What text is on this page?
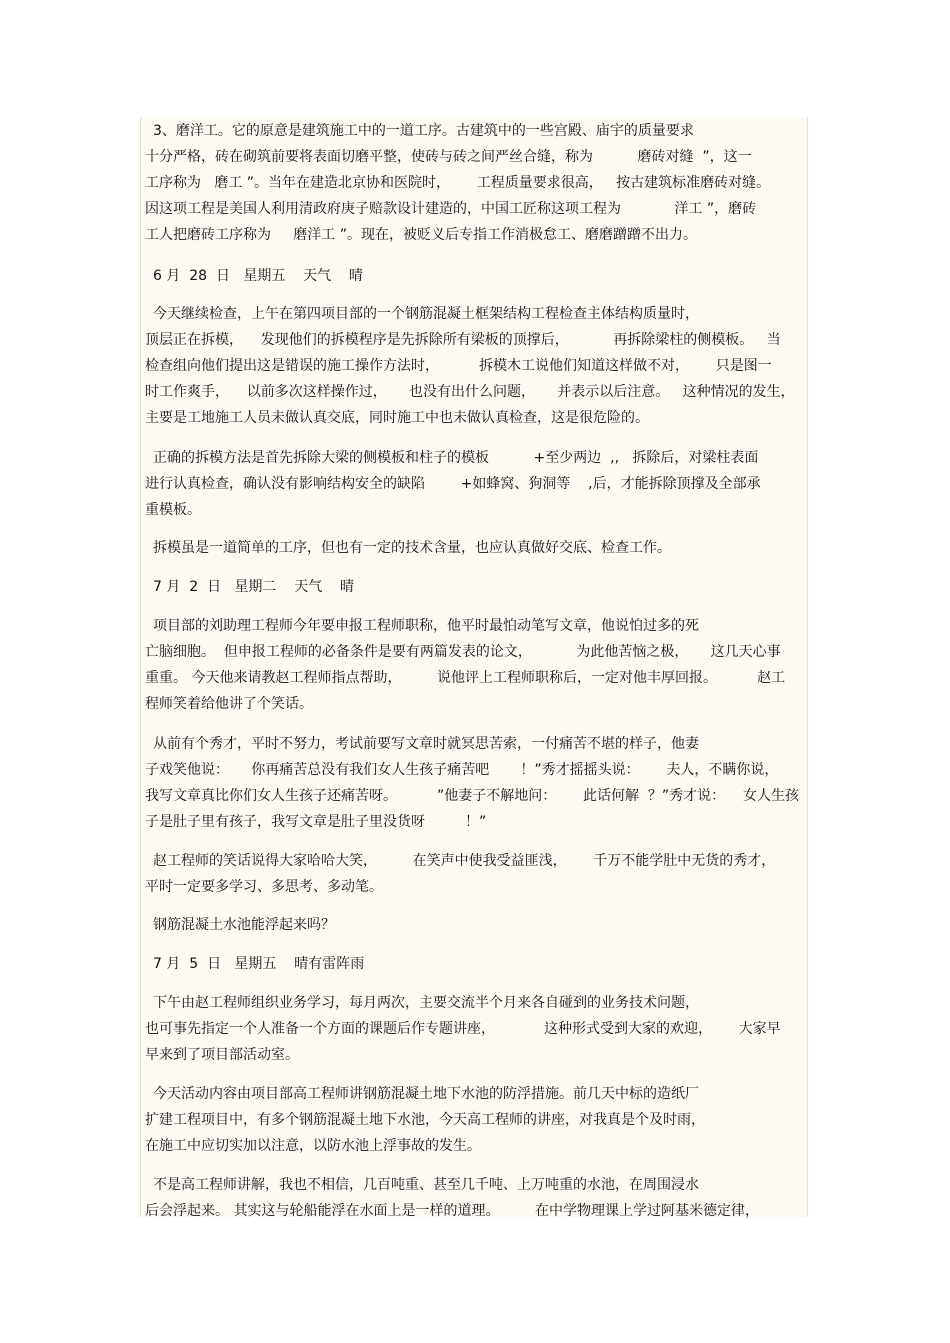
3、磨洋工。它的原意是建筑施工中的一道工序。古建筑中的一些宫殿、庙宇的质量要求
十分严格，砖在砌筑前要将表面切磨平整，使砖与砖之间严丝合缝，称为          磨砖对缝  ”，这一
工序称为   磨工 ”。当年在建造北京协和医院时，      工程质量要求很高，   按古建筑标准磨砖对缝。
因这项工程是美国人利用清政府庚子赔款设计建造的，中国工匠称这项工程为            洋工 ”，磨砖
工人把磨砖工序称为     磨洋工 ”。现在，被贬义后专指工作消极怠工、磨磨蹭蹭不出力。
6 月  28  日   星期五    天气    晴
今天继续检查，上午在第四项目部的一个钢筋混凝土框架结构工程检查主体结构质量时，
顶层正在拆模，    发现他们的拆模程序是先拆除所有梁板的顶撑后，          再拆除梁柱的侧模板。   当
检查组向他们提出这是错误的施工操作方法时，         拆模木工说他们知道这样做不对，      只是图一
时工作爽手，    以前多次这样操作过，     也没有出什么问题，     并表示以后注意。   这种情况的发生，
主要是工地施工人员未做认真交底，同时施工中也未做认真检查，这是很危险的。
正确的拆模方法是首先拆除大梁的侧模板和柱子的模板          +至少两边  ,,   拆除后，对梁柱表面
进行认真检查，确认没有影响结构安全的缺陷        +如蜂窝、狗洞等    ,后，才能拆除顶撑及全部承
重模板。
拆模虽是一道简单的工序，但也有一定的技术含量，也应认真做好交底、检查工作。
7 月  2  日   星期二    天气    晴
项目部的刘助理工程师今年要申报工程师职称，他平时最怕动笔写文章，他说怕过多的死
亡脑细胞。  但申报工程师的必备条件是要有两篇发表的论文，          为此他苦恼之极，     这几天心事
重重。 今天他来请教赵工程师指点帮助，        说他评上工程师职称后，一定对他丰厚回报。         赵工
程师笑着给他讲了个笑话。
从前有个秀才，平时不努力，考试前要写文章时就冥思苦索，一付痛苦不堪的样子，他妻
子戏笑他说：     你再痛苦总没有我们女人生孩子痛苦吧       ！”秀才摇摇头说：      夫人，不瞒你说，
我写文章真比你们女人生孩子还痛苦呀。         ”他妻子不解地问：      此话何解  ？”秀才说：    女人生孩
子是肚子里有孩子，我写文章是肚子里没货呀         ！”
赵工程师的笑话说得大家哈哈大笑，        在笑声中使我受益匪浅，      千万不能学肚中无货的秀才，
平时一定要多学习、多思考、多动笔。
钢筋混凝土水池能浮起来吗？
7 月  5  日   星期五    晴有雷阵雨
下午由赵工程师组织业务学习，每月两次，主要交流半个月来各自碰到的业务技术问题，
也可事先指定一个人准备一个方面的课题后作专题讲座，           这种形式受到大家的欢迎，      大家早
早来到了项目部活动室。
今天活动内容由项目部高工程师讲钢筋混凝土地下水池的防浮措施。前几天中标的造纸厂
扩建工程项目中，有多个钢筋混凝土地下水池，今天高工程师的讲座，对我真是个及时雨，
在施工中应切实加以注意，以防水池上浮事故的发生。
不是高工程师讲解，我也不相信，几百吨重、甚至几千吨、上万吨重的水池，在周围浸水
后会浮起来。 其实这与轮船能浮在水面上是一样的道理。        在中学物理课上学过阿基米德定律，
